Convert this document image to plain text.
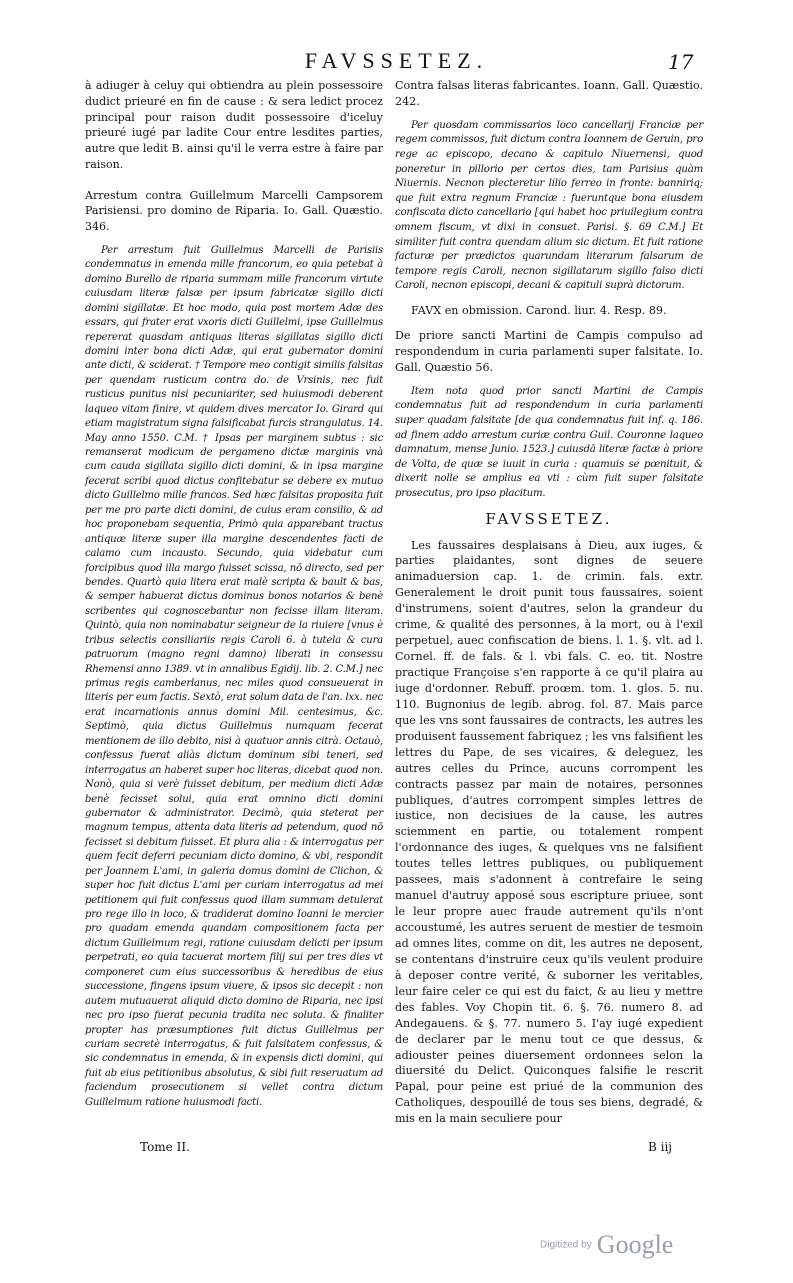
FAVSSETEZ.	17

à adiuger à celuy qui obtiendra au plein possessoire dudict prieuré en fin de cause : & sera ledict procez principal pour raison dudit possessoire d'iceluy prieuré iugé par ladite Cour entre lesdites parties, autre que ledit B. ainsi qu'il le verra estre à faire par raison.

Arrestum contra Guillelmum Marcelli Campsorem Parisiensi. pro domino de Riparia. Io. Gall. Quæstio. 346.

Per arrestum fuit Guillelmus Marcelli de Parisiis condemnatus in emenda mille francorum, eo quia petebat à domino Burello de riparia summam mille francorum virtute cuiusdam literæ falsæ per ipsum fabricatæ sigillo dicti domini sigillatæ. Et hoc modo, quia post mortem Adæ des essars, qui frater erat vxoris dicti Guillelmi, ipse Guillelmus repererat quasdam antiquas literas sigillatas sigillo dicti domini inter bona dicti Adæ, qui erat gubernator domini ante dicti, & sciderat. † Tempore meo contigit similis falsitas per quendam rusticum contra do. de Vrsinis, nec fuit rusticus punitus nisi pecuniariter, sed huiusmodi deberent laqueo vitam finire, vt quidem dives mercator Io. Girard qui etiam magistratum signa falsificabat furcis strangulatus. 14. May anno 1550. C.M. † Ipsas per marginem subtus : sic remanserat modicum de pergameno dictæ marginis vnà cum cauda sigillata sigillo dicti domini, & in ipsa margine fecerat scribi quod dictus confitebatur se debere ex mutuo dicto Guillelmo mille francos. Sed hæc falsitas proposita fuit per me pro parte dicti domini, de cuius eram consilio, & ad hoc proponebam sequentia, Primò quia apparebant tractus antiquæ literæ super illa margine descendentes facti de calamo cum incausto. Secundo, quia videbatur cum forcipibus quod illa margo fuisset scissa, nō directo, sed per bendes. Quartò quia litera erat malè scripta & bault & bas, & semper habuerat dictus dominus bonos notarios & benè scribentes qui cognoscebantur non fecisse illam literam. Quintò, quia non nominabatur seigneur de la riuiere [vnus è tribus selectis consiliariis regis Caroli 6. à tutela & cura patruorum (magno regni damno) liberati in consessu Rhemensi anno 1389. vt in annalibus Egidij. lib. 2. C.M.] nec primus regis camberlanus, nec miles quod consueuerat in literis per eum factis. Sextò, erat solum data de l'an. lxx. nec erat incarnationis annus domini Mil. centesimus, &c. Septimò, quia dictus Guillelmus numquam fecerat mentionem de illo debito, nisi à quatuor annis citrà. Octauò, confessus fuerat aliàs dictum dominum sibi teneri, sed interrogatus an haberet super hoc literas, dicebat quod non. Nonò, quia si verè fuisset debitum, per medium dicti Adæ benè fecisset solui, quia erat omnino dicti domini gubernator & administrator. Decimò, quia steterat per magnum tempus, attenta data literis ad petendum, quod nō fecisset si debitum fuisset. Et plura alia : & interrogatus per quem fecit deferri pecuniam dicto domino, & vbi, respondit per Joannem L'ami, in galeria domus domini de Clichon, & super hoc fuit dictus L'ami per curiam interrogatus ad mei petitionem qui fuit confessus quod illam summam detulerat pro rege illo in loco, & tradiderat domino Ioanni le mercier pro quadam emenda quandam compositionem facta per dictum Guillelmum regi, ratione cuiusdam delicti per ipsum perpetrati, eo quia tacuerat mortem filij sui per tres dies vt componeret cum eius successoribus & heredibus de eius successione, fingens ipsum viuere, & ipsos sic decepit : non autem mutuauerat aliquid dicto domino de Riparia, nec ipsi nec pro ipso fuerat pecunia tradita nec soluta. & finaliter propter has præsumptiones fuit dictus Guillelmus per curiam secretè interrogatus, & fuit falsitatem confessus, & sic condemnatus in emenda, & in expensis dicti domini, qui fuit ab eius petitionibus absolutus, & sibi fuit reseruatum ad faciendum prosecutionem si vellet contra dictum Guillelmum ratione huiusmodi facti.

Contra falsas literas fabricantes. Ioann. Gall. Quæstio. 242.

Per quosdam commissarios loco cancellarij Franciæ per regem commissos, fuit dictum contra Ioannem de Geruin, pro rege ac episcopo, decano & capitulo Niuernensi, quod poneretur in pillorio per certos dies, tam Parisius quàm Niuernis. Necnon plecteretur lilio ferreo in fronte: banniriq; que fuit extra regnum Franciæ : fueruntque bona eiusdem confiscata dicto cancellario [qui habet hoc priuilegium contra omnem fiscum, vt dixi in consuet. Parisi. §. 69 C.M.] Et similiter fuit contra quendam alium sic dictum. Et fuit ratione facturæ per prædictos quarundam literarum falsarum de tempore regis Caroli, necnon sigillatarum sigillo falso dicti Caroli, necnon episcopi, decani & capituli suprà dictorum.

FAVX en obmission. Carond. liur. 4. Resp. 89.

De priore sancti Martini de Campis compulso ad respondendum in curia parlamenti super falsitate. Io. Gall. Quæstio 56.

Item nota quod prior sancti Martini de Campis condemnatus fuit ad respondendum in curia parlamenti super quadam falsitate [de qua condemnatus fuit inf. q. 186. ad finem addo arrestum curiæ contra Guil. Couronne laqueo damnatum, mense Junio. 1523.] cuiusdā literæ factæ à priore de Volta, de quæ se iuuit in curia : quamuis se pœnituit, & dixerit nolle se amplius ea vti : cùm fuit super falsitate prosecutus, pro ipso placitum.

FAVSSETEZ.

Les faussaires desplaisans à Dieu, aux iuges, & parties plaidantes, sont dignes de seuere animaduersion cap. 1. de crimin. fals. extr. Generalement le droit punit tous faussaires, soient d'instrumens, soient d'autres, selon la grandeur du crime, & qualité des personnes, à la mort, ou à l'exil perpetuel, auec confiscation de biens. l. 1. §. vlt. ad l. Cornel. ff. de fals. & l. vbi fals. C. eo. tit. Nostre practique Françoise s'en rapporte à ce qu'il plaira au iuge d'ordonner. Rebuff. proœm. tom. 1. glos. 5. nu. 110. Bugnonius de legib. abrog. fol. 87. Mais parce que les vns sont faussaires de contracts, les autres les produisent faussement fabriquez ; les vns falsifient les lettres du Pape, de ses vicaires, & deleguez, les autres celles du Prince, aucuns corrompent les contracts passez par main de notaires, personnes publiques, d'autres corrompent simples lettres de iustice, non decisiues de la cause, les autres sciemment en partie, ou totalement rompent l'ordonnance des iuges, & quelques vns ne falsifient toutes telles lettres publiques, ou publiquement passees, mais s'adonnent à contrefaire le seing manuel d'autruy apposé sous escripture priuee, sont le leur propre auec fraude autrement qu'ils n'ont accoustumé, les autres seruent de mestier de tesmoin ad omnes lites, comme on dit, les autres ne deposent, se contentans d'instruire ceux qu'ils veulent produire à deposer contre verité, & suborner les veritables, leur faire celer ce qui est du faict, & au lieu y mettre des fables. Voy Chopin tit. 6. §. 76. numero 8. ad Andegauens. & §. 77. numero 5. I'ay iugé expedient de declarer par le menu tout ce que dessus, & adiouster peines diuersement ordonnees selon la diuersité du Delict. Quiconques falsifie le rescrit Papal, pour peine est priué de la communion des Catholiques, despouillé de tous ses biens, degradé, & mis en la main seculiere pour

Tome II.	B iij
Digitized by Google
